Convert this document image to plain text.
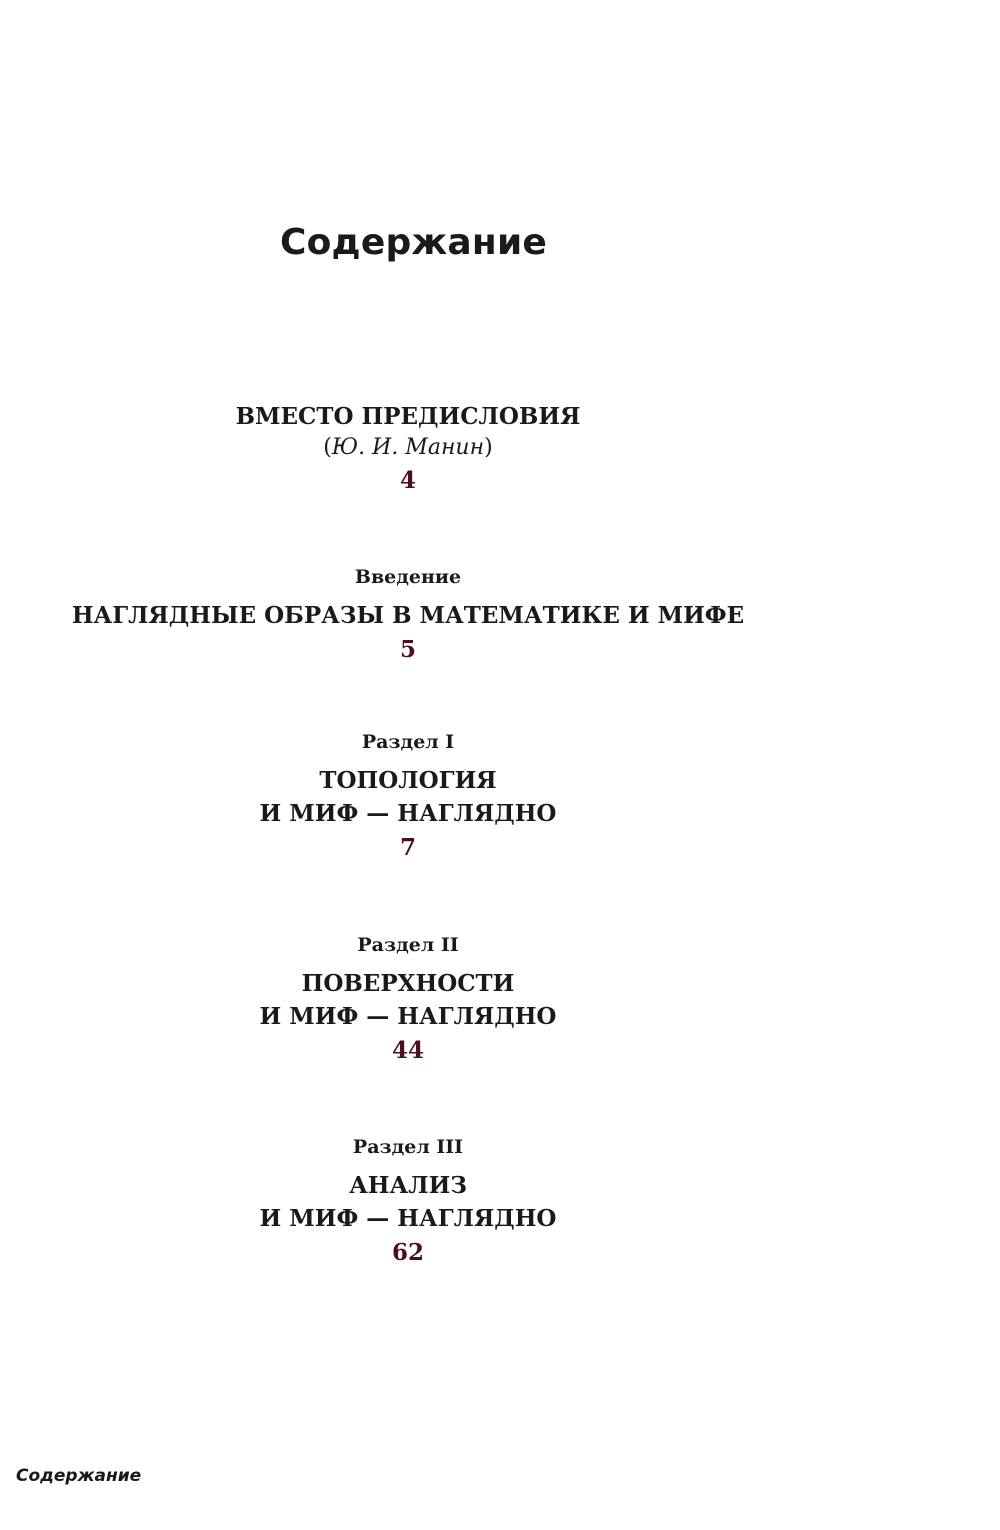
Содержание
ВМЕСТО ПРЕДИСЛОВИЯ
(Ю. И. Манин)
4
Введение
НАГЛЯДНЫЕ ОБРАЗЫ В МАТЕМАТИКЕ И МИФЕ
5
Раздел I
ТОПОЛОГИЯ
И МИФ — НАГЛЯДНО
7
Раздел II
ПОВЕРХНОСТИ
И МИФ — НАГЛЯДНО
44
Раздел III
АНАЛИЗ
И МИФ — НАГЛЯДНО
62
Содержание
